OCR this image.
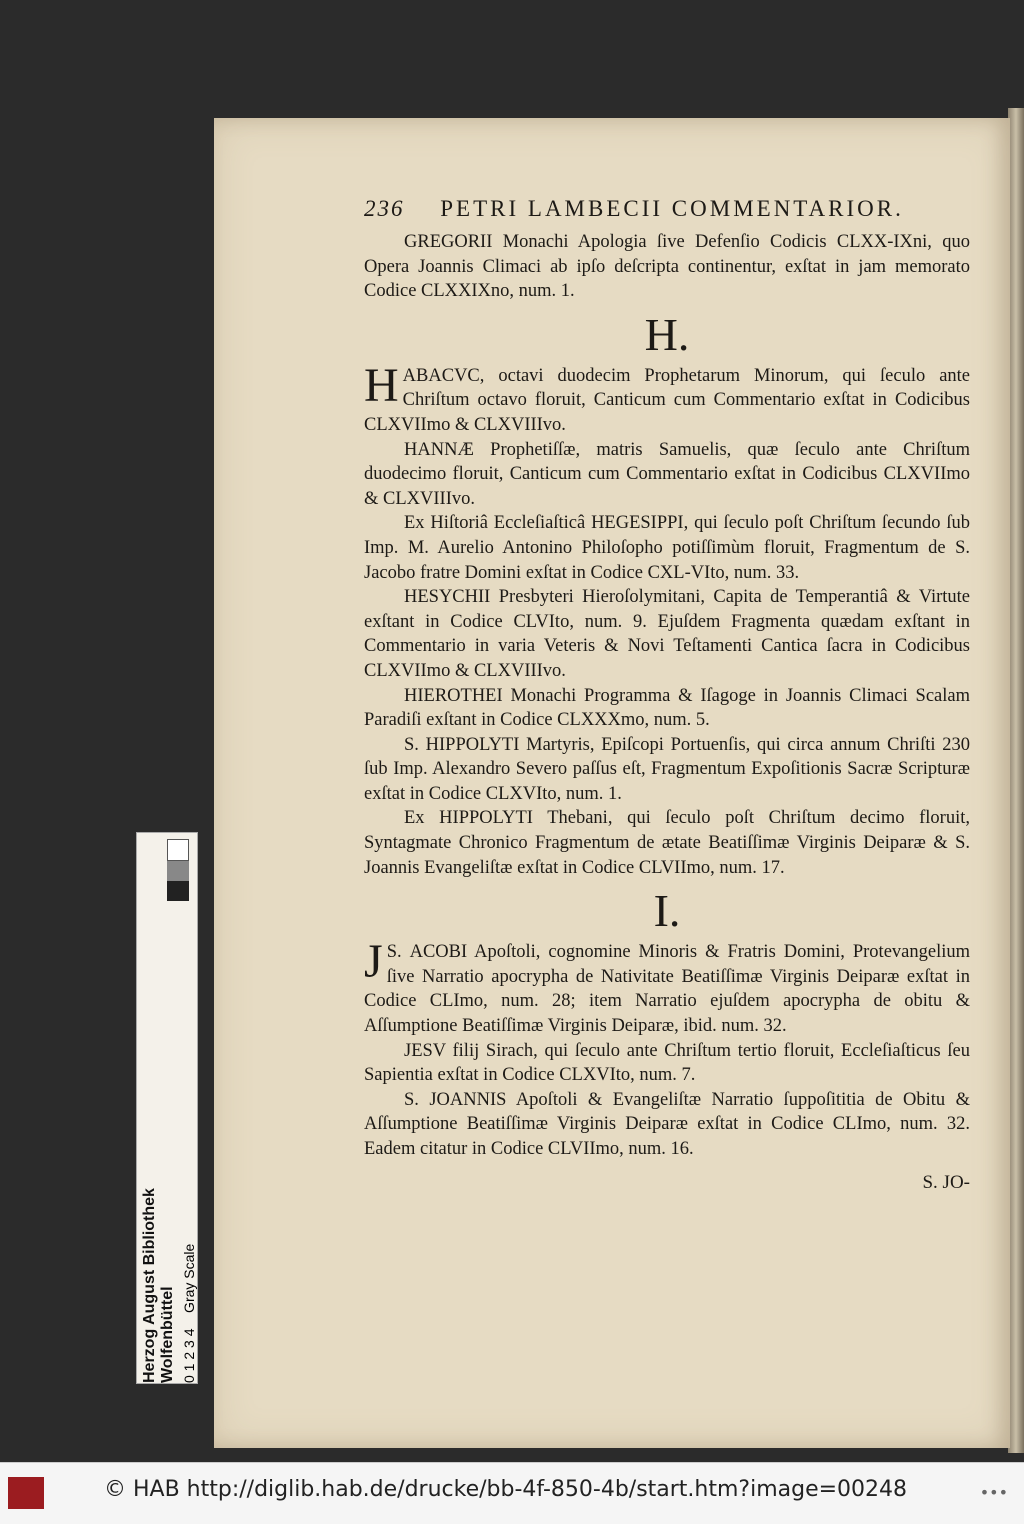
236 PETRI LAMBECII COMMENTARIOR.

GREGORII Monachi Apologia ſive Defenſio Codicis CLXX-IXni, quo Opera Joannis Climaci ab ipſo deſcripta continentur, exſtat in jam memorato Codice CLXXIXno, num. 1.

H.

HABACVC, octavi duodecim Prophetarum Minorum, qui ſeculo ante Chriſtum octavo floruit, Canticum cum Commentario exſtat in Codicibus CLXVIImo & CLXVIIIvo.

HANNÆ Prophetiſſæ, matris Samuelis, quæ ſeculo ante Chriſtum duodecimo floruit, Canticum cum Commentario exſtat in Codicibus CLXVIImo & CLXVIIIvo.

Ex Hiſtoriâ Eccleſiaſticâ HEGESIPPI, qui ſeculo poſt Chriſtum ſecundo ſub Imp. M. Aurelio Antonino Philoſopho potiſſimùm floruit, Fragmentum de S. Jacobo fratre Domini exſtat in Codice CXL-VIto, num. 33.

HESYCHII Presbyteri Hieroſolymitani, Capita de Temperantiâ & Virtute exſtant in Codice CLVIto, num. 9. Ejuſdem Fragmenta quædam exſtant in Commentario in varia Veteris & Novi Teſtamenti Cantica ſacra in Codicibus CLXVIImo & CLXVIIIvo.

HIEROTHEI Monachi Programma & Iſagoge in Joannis Climaci Scalam Paradiſi exſtant in Codice CLXXXmo, num. 5.

S. HIPPOLYTI Martyris, Epiſcopi Portuenſis, qui circa annum Chriſti 230 ſub Imp. Alexandro Severo paſſus eſt, Fragmentum Expoſitionis Sacræ Scripturæ exſtat in Codice CLXVIto, num. 1.

Ex HIPPOLYTI Thebani, qui ſeculo poſt Chriſtum decimo floruit, Syntagmate Chronico Fragmentum de ætate Beatiſſimæ Virginis Deiparæ & S. Joannis Evangeliſtæ exſtat in Codice CLVIImo, num. 17.

I.

S.
J ACOBI Apoſtoli, cognomine Minoris & Fratris Domini, Protevangelium ſive Narratio apocrypha de Nativitate Beatiſſimæ Virginis Deiparæ exſtat in Codice CLImo, num. 28; item Narratio ejuſdem apocrypha de obitu & Aſſumptione Beatiſſimæ Virginis Deiparæ, ibid. num. 32.

JESV filij Sirach, qui ſeculo ante Chriſtum tertio floruit, Eccleſiaſticus ſeu Sapientia exſtat in Codice CLXVIto, num. 7.

S. JOANNIS Apoſtoli & Evangeliſtæ Narratio ſuppoſititia de Obitu & Aſſumptione Beatiſſimæ Virginis Deiparæ exſtat in Codice CLImo, num. 32. Eadem citatur in Codice CLVIImo, num. 16.

S. JO-
Herzog August Bibliothek Wolfenbüttel 0 1 2 3 4    Gray Scale
© HAB http://diglib.hab.de/drucke/bb-4f-850-4b/start.htm?image=00248	•••
